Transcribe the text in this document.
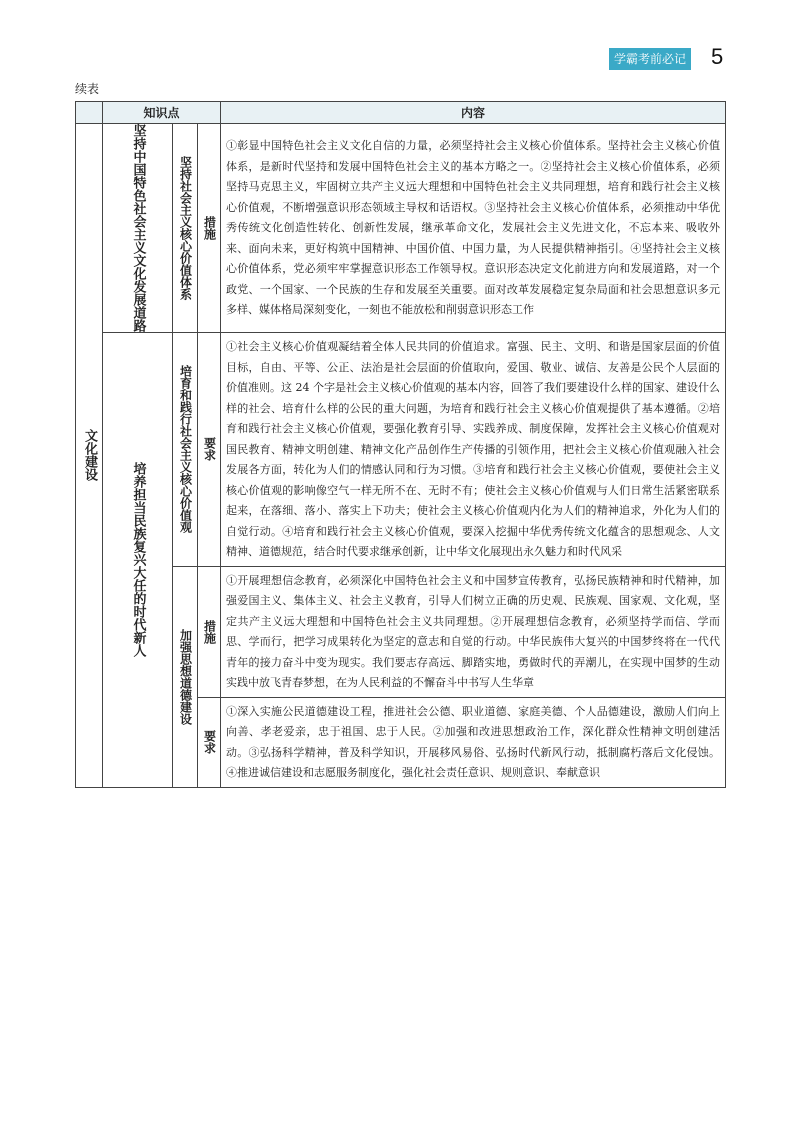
学霸考前必记 5
续表
	知识点			内容

文化建设	坚持中国特色社会主义文化发展道路	坚持社会主义核心价值体系	措施	①彰显中国特色社会主义文化自信的力量，必须坚持社会主义核心价值体系。坚持社会主义核心价值体系，是新时代坚持和发展中国特色社会主义的基本方略之一。②坚持社会主义核心价值体系，必须坚持马克思主义，牢固树立共产主义远大理想和中国特色社会主义共同理想，培育和践行社会主义核心价值观，不断增强意识形态领域主导权和话语权。③坚持社会主义核心价值体系，必须推动中华优秀传统文化创造性转化、创新性发展，继承革命文化，发展社会主义先进文化，不忘本来、吸收外来、面向未来，更好构筑中国精神、中国价值、中国力量，为人民提供精神指引。④坚持社会主义核心价值体系，党必须牢牢掌握意识形态工作领导权。意识形态决定文化前进方向和发展道路，对一个政党、一个国家、一个民族的生存和发展至关重要。面对改革发展稳定复杂局面和社会思想意识多元多样、媒体格局深刻变化，一刻也不能放松和削弱意识形态工作

	培养担当民族复兴大任的时代新人	培育和践行社会主义核心价值观	要求	①社会主义核心价值观凝结着全体人民共同的价值追求。富强、民主、文明、和谐是国家层面的价值目标，自由、平等、公正、法治是社会层面的价值取向，爱国、敬业、诚信、友善是公民个人层面的价值准则。这 24 个字是社会主义核心价值观的基本内容，回答了我们要建设什么样的国家、建设什么样的社会、培育什么样的公民的重大问题，为培育和践行社会主义核心价值观提供了基本遵循。②培育和践行社会主义核心价值观，要强化教育引导、实践养成、制度保障，发挥社会主义核心价值观对国民教育、精神文明创建、精神文化产品创作生产传播的引领作用，把社会主义核心价值观融入社会发展各方面，转化为人们的情感认同和行为习惯。③培育和践行社会主义核心价值观，要使社会主义核心价值观的影响像空气一样无所不在、无时不有；使社会主义核心价值观与人们日常生活紧密联系起来，在落细、落小、落实上下功夫；使社会主义核心价值观内化为人们的精神追求，外化为人们的自觉行动。④培育和践行社会主义核心价值观，要深入挖掘中华优秀传统文化蕴含的思想观念、人文精神、道德规范，结合时代要求继承创新，让中华文化展现出永久魅力和时代风采

		加强思想道德建设	措施	①开展理想信念教育，必须深化中国特色社会主义和中国梦宣传教育，弘扬民族精神和时代精神，加强爱国主义、集体主义、社会主义教育，引导人们树立正确的历史观、民族观、国家观、文化观，坚定共产主义远大理想和中国特色社会主义共同理想。②开展理想信念教育，必须坚持学而信、学而思、学而行，把学习成果转化为坚定的意志和自觉的行动。中华民族伟大复兴的中国梦终将在一代代青年的接力奋斗中变为现实。我们要志存高远、脚踏实地，勇做时代的弄潮儿，在实现中国梦的生动实践中放飞青春梦想，在为人民利益的不懈奋斗中书写人生华章

			要求	①深入实施公民道德建设工程，推进社会公德、职业道德、家庭美德、个人品德建设，激励人们向上向善、孝老爱亲，忠于祖国、忠于人民。②加强和改进思想政治工作，深化群众性精神文明创建活动。③弘扬科学精神，普及科学知识，开展移风易俗、弘扬时代新风行动，抵制腐朽落后文化侵蚀。④推进诚信建设和志愿服务制度化，强化社会责任意识、规则意识、奉献意识
